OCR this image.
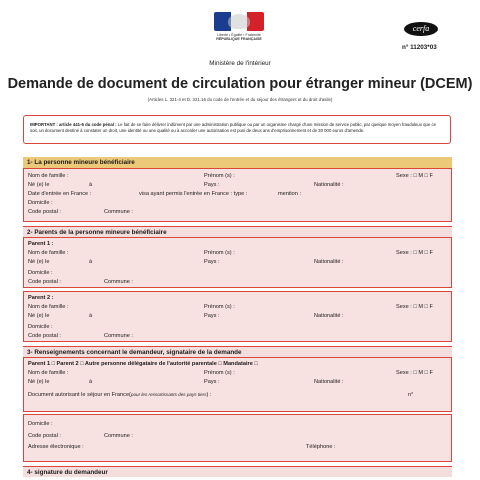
Liberté • Égalité • Fraternité
RÉPUBLIQUE FRANÇAISE
cerfa
n° 11203*03
Ministère de l'intérieur
Demande de document de circulation pour étranger mineur (DCEM)
(Articles L. 321-4 et D. 321.16 du code de l'entrée et du séjour des étrangers et du droit d'asile)
IMPORTANT : article 441-6 du code pénal : Le fait de se faire délivrer indûment par une administration publique ou par un organisme chargé d'une mission de service public, par quelque moyen frauduleux que ce soit, un document destiné à constater un droit, une identité ou une qualité ou à accorder une autorisation est puni de deux ans d'emprisonnement et de 30 000 euros d'amende.
1- La personne mineure bénéficiaire
Nom de famille :	Prénom (s) :	Sexe : □ M □ F
Né (e) le	à	Pays :	Nationalité :
Date d'entrée en France :	visa ayant permis l'entrée en France : type :	mention :
Domicile :
Code postal :	Commune :
2- Parents de la personne mineure bénéficiaire
Parent 1 :
Nom de famille :	Prénom (s) :	Sexe : □ M □ F
Né (e) le	à	Pays :	Nationalité :
Domicile :
Code postal :	Commune :
Parent 2 :
Nom de famille :	Prénom (s) :	Sexe : □ M □ F
Né (e) le	à	Pays :	Nationalité :
Domicile :
Code postal :	Commune :
3- Renseignements concernant le demandeur, signataire de la demande
Parent 1 □ Parent 2 □ Autre personne délégataire de l'autorité parentale □ Mandataire □
Nom de famille :	Prénom (s) :	Sexe : □ M □ F
Né (e) le	à	Pays :	Nationalité :
Document autorisant le séjour en France(pour les ressortissants des pays tiers) :	n°
Domicile :
Code postal :	Commune :
Adresse électronique :	Téléphone :
4- signature du demandeur
